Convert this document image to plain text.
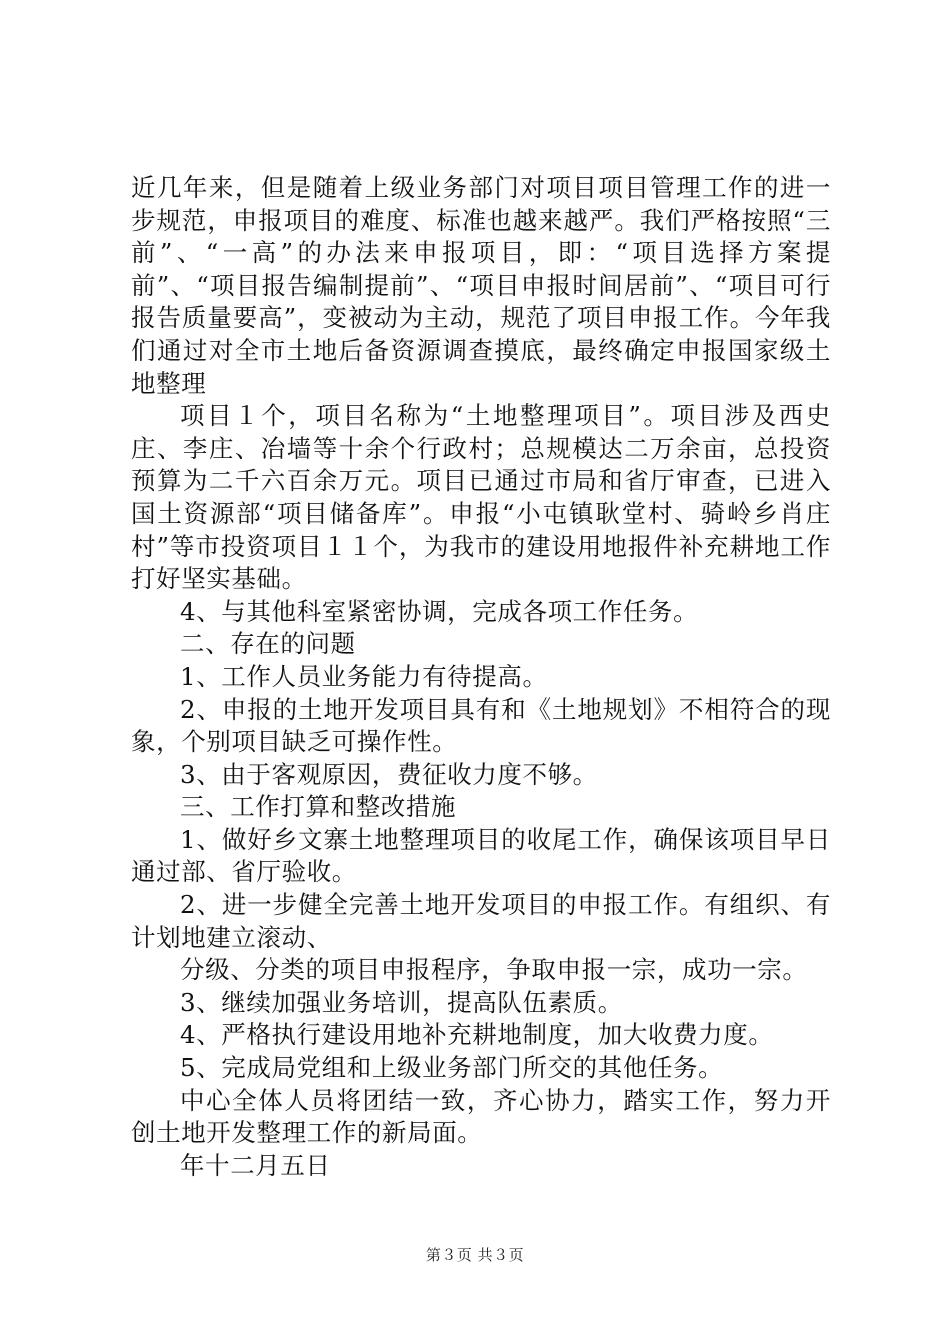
近几年来，但是随着上级业务部门对项目项目管理工作的进一步规范，申报项目的难度、标准也越来越严。我们严格按照“三前”、“一高”的办法来申报项目，即：“项目选择方案提前”、“项目报告编制提前”、“项目申报时间居前”、“项目可行报告质量要高”，变被动为主动，规范了项目申报工作。今年我们通过对全市土地后备资源调查摸底，最终确定申报国家级土地整理

项目１个，项目名称为“土地整理项目”。项目涉及西史庄、李庄、冶墙等十余个行政村；总规模达二万余亩，总投资预算为二千六百余万元。项目已通过市局和省厅审查，已进入国土资源部“项目储备库”。申报“小屯镇耿堂村、骑岭乡肖庄村”等市投资项目１１个，为我市的建设用地报件补充耕地工作打好坚实基础。

4、与其他科室紧密协调，完成各项工作任务。

二、存在的问题

1、工作人员业务能力有待提高。

2、申报的土地开发项目具有和《土地规划》不相符合的现象，个别项目缺乏可操作性。

3、由于客观原因，费征收力度不够。

三、工作打算和整改措施

1、做好乡文寨土地整理项目的收尾工作，确保该项目早日通过部、省厅验收。

2、进一步健全完善土地开发项目的申报工作。有组织、有计划地建立滚动、

分级、分类的项目申报程序，争取申报一宗，成功一宗。

3、继续加强业务培训，提高队伍素质。

4、严格执行建设用地补充耕地制度，加大收费力度。

5、完成局党组和上级业务部门所交的其他任务。

中心全体人员将团结一致，齐心协力，踏实工作，努力开创土地开发整理工作的新局面。

年十二月五日

第３页 共３页
